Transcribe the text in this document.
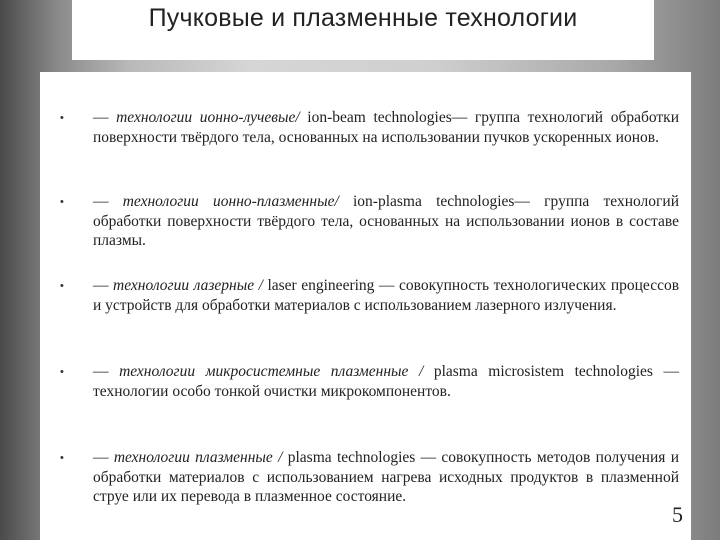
Пучковые и плазменные технологии
• — технологии ионно-лучевые/ ion-beam technologies— группа технологий обработки поверхности твёрдого тела, основанных на использовании пучков ускоренных ионов.
• — технологии ионно-плазменные/ ion-plasma technologies— группа технологий обработки поверхности твёрдого тела, основанных на использовании ионов в составе плазмы.
• — технологии лазерные / laser engineering — совокупность технологических процессов и устройств для обработки материалов с использованием лазерного излучения.
• — технологии микросистемные плазменные / plasma microsistem technologies — технологии особо тонкой очистки микрокомпонентов.
• — технологии плазменные / plasma technologies — совокупность методов получения и обработки материалов с использованием нагрева исходных продуктов в плазменной струе или их перевода в плазменное состояние.
5
